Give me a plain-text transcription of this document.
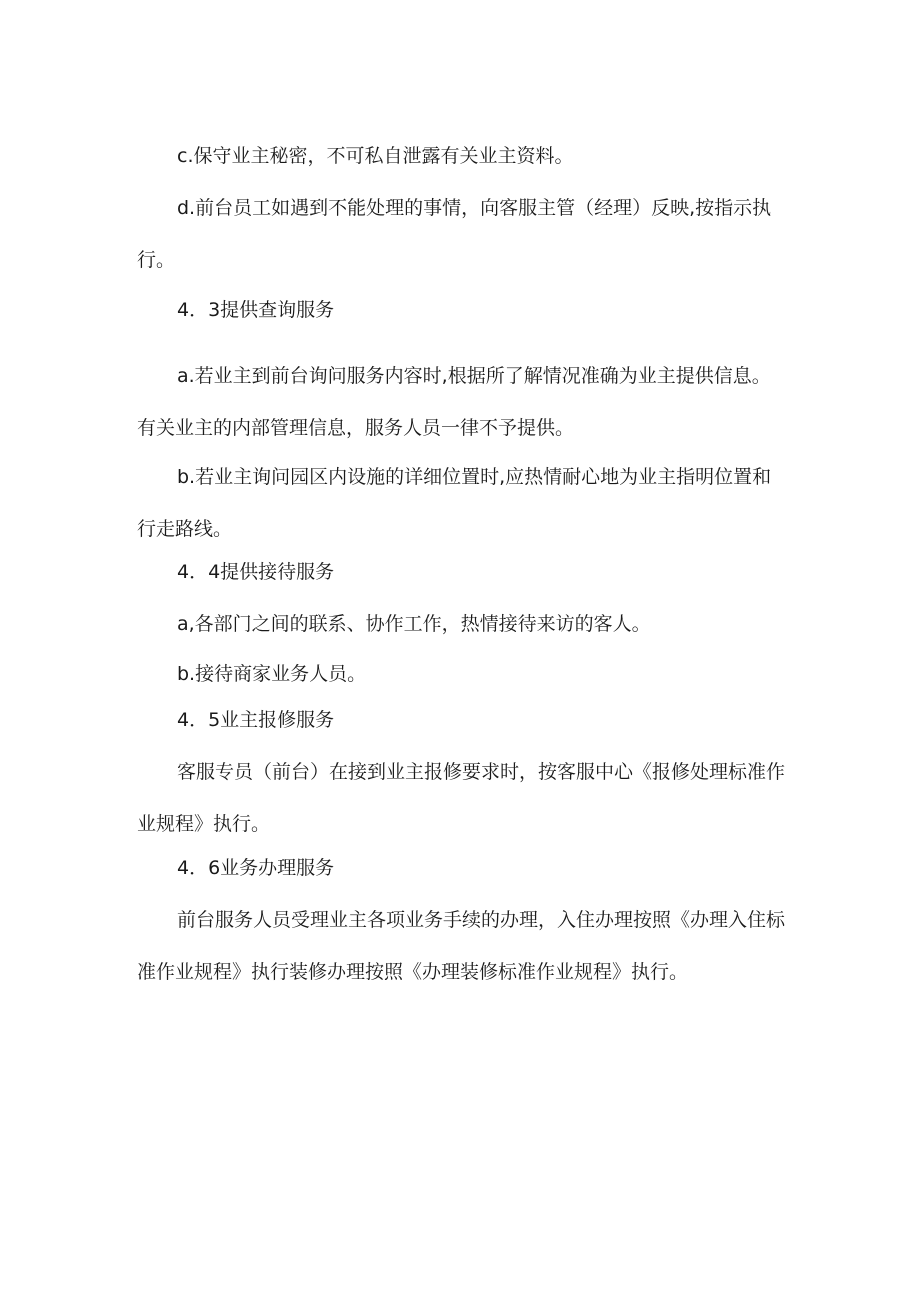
c.保守业主秘密，不可私自泄露有关业主资料。

d.前台员工如遇到不能处理的事情，向客服主管（经理）反映,按指示执行。

4．3提供查询服务

a.若业主到前台询问服务内容时,根据所了解情况准确为业主提供信息。有关业主的内部管理信息，服务人员一律不予提供。

b.若业主询问园区内设施的详细位置时,应热情耐心地为业主指明位置和行走路线。

4．4提供接待服务

a,各部门之间的联系、协作工作，热情接待来访的客人。

b.接待商家业务人员。

4．5业主报修服务

客服专员（前台）在接到业主报修要求时，按客服中心《报修处理标准作业规程》执行。

4．6业务办理服务

前台服务人员受理业主各项业务手续的办理，入住办理按照《办理入住标准作业规程》执行装修办理按照《办理装修标准作业规程》执行。
